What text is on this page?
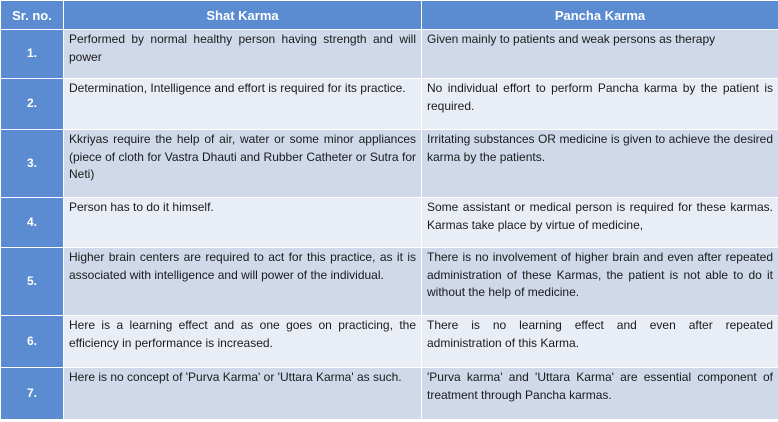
Sr. no.	Shat Karma	Pancha Karma
1.	Performed by normal healthy person having strength and will power	Given mainly to patients and weak persons as therapy
2.	Determination, Intelligence and effort is required for its practice.	No individual effort to perform Pancha karma by the patient is required.
3.	Kkriyas require the help of air, water or some minor appliances (piece of cloth for Vastra Dhauti and Rubber Catheter or Sutra for Neti)	Irritating substances OR medicine is given to achieve the desired karma by the patients.
4.	Person has to do it himself.	Some assistant or medical person is required for these karmas. Karmas take place by virtue of medicine,
5.	Higher brain centers are required to act for this practice, as it is associated with intelligence and will power of the individual.	There is no involvement of higher brain and even after repeated administration of these Karmas, the patient is not able to do it without the help of medicine.
6.	Here is a learning effect and as one goes on practicing, the efficiency in performance is increased.	There is no learning effect and even after repeated administration of this Karma.
7.	Here is no concept of 'Purva Karma' or 'Uttara Karma' as such.	'Purva karma' and 'Uttara Karma' are essential component of treatment through Pancha karmas.
